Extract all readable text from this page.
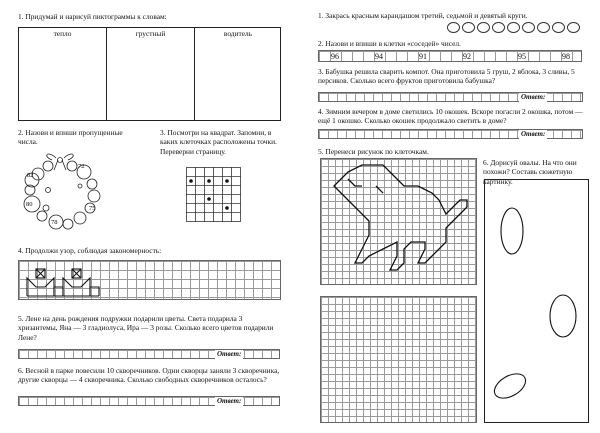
1. Придумай и нарисуй пиктограммы к словам:
тепло	грустный	водитель
2. Назови и впиши пропущенные числа.
72
82
80
75
78
3. Посмотри на квадрат. Запомни, в каких клеточках расположены точки. Переверни страницу.
4. Продолжи узор, соблюдая закономерность:
5. Лене на день рождения подружки подарили цветы. Света подарила 3 хризантемы, Яна — 3 гладиолуса, Ира — 3 розы. Сколько всего цветов подарили Лене?
Ответ:
6. Весной в парке повесили 10 скворечников. Одни скворцы заняли 3 скворечника, другие скворцы — 4 скворечника. Сколько свободных скворечников осталось?
Ответ:
1. Закрась красным карандашом третий, седьмой и девятый круги.
2. Назови и впиши в клетки «соседей» чисел.
96	94	91	92	95	98
3. Бабушка решила сварить компот. Она приготовила 5 груш, 2 яблока, 3 сливы, 5 персиков. Сколько всего фруктов приготовила бабушка?
Ответ:
4. Зимним вечером в доме светились 10 окошек. Вскоре погасли 2 окошка, потом — ещё 1 окошко. Сколько окошек продолжало светить в доме?
Ответ:
5. Перенеси рисунок по клеточкам.
6. Дорисуй овалы. На что они похожи? Составь сюжетную картинку.
